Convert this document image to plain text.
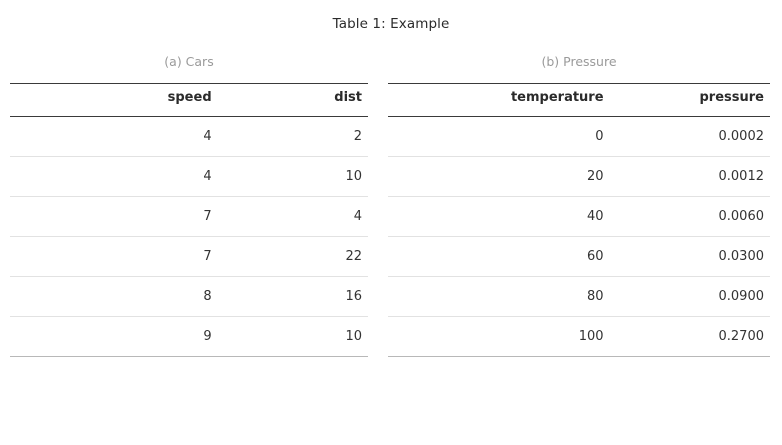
Table 1: Example
(a) Cars
speed	dist
4	2
4	10
7	4
7	22
8	16
9	10
(b) Pressure
temperature	pressure
0	0.0002
20	0.0012
40	0.0060
60	0.0300
80	0.0900
100	0.2700
